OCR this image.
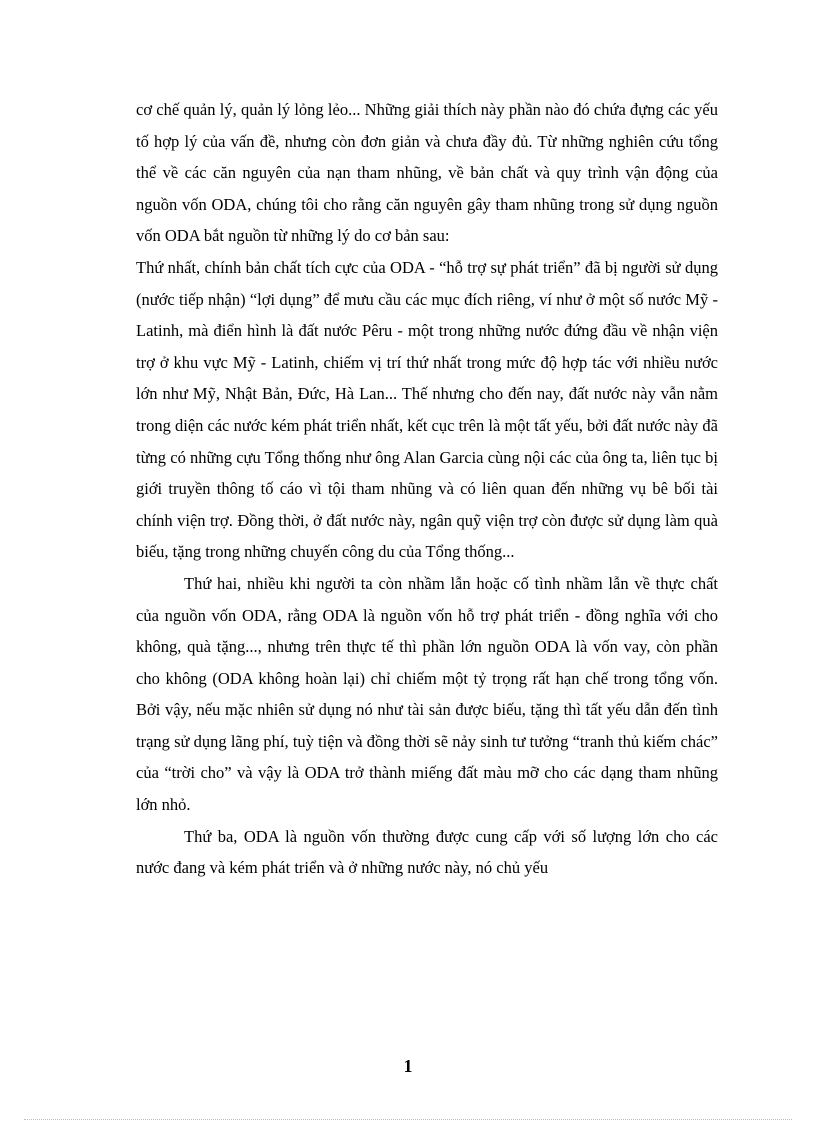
cơ chế quản lý, quản lý lỏng lẻo... Những giải thích này phần nào đó chứa đựng các yếu tố hợp lý của vấn đề, nhưng còn đơn giản và chưa đầy đủ. Từ những nghiên cứu tổng thể về các căn nguyên của nạn tham nhũng, về bản chất và quy trình vận động của nguồn vốn ODA, chúng tôi cho rằng căn nguyên gây tham nhũng trong sử dụng nguồn vốn ODA bắt nguồn từ những lý do cơ bản sau:

Thứ nhất, chính bản chất tích cực của ODA - “hỗ trợ sự phát triển” đã bị người sử dụng (nước tiếp nhận) “lợi dụng” để mưu cầu các mục đích riêng, ví như ở một số nước Mỹ - Latinh, mà điển hình là đất nước Pêru - một trong những nước đứng đầu về nhận viện trợ ở khu vực Mỹ - Latinh, chiếm vị trí thứ nhất trong mức độ hợp tác với nhiều nước lớn như Mỹ, Nhật Bản, Đức, Hà Lan... Thế nhưng cho đến nay, đất nước này vẫn nằm trong diện các nước kém phát triển nhất, kết cục trên là một tất yếu, bởi đất nước này đã từng có những cựu Tổng thống như ông Alan Garcia cùng nội các của ông ta, liên tục bị giới truyền thông tố cáo vì tội tham nhũng và có liên quan đến những vụ bê bối tài chính viện trợ. Đồng thời, ở đất nước này, ngân quỹ viện trợ còn được sử dụng làm quà biếu, tặng trong những chuyến công du của Tổng thống...

Thứ hai, nhiều khi người ta còn nhầm lẫn hoặc cố tình nhầm lẫn về thực chất của nguồn vốn ODA, rằng ODA là nguồn vốn hỗ trợ phát triển - đồng nghĩa với cho không, quà tặng..., nhưng trên thực tế thì phần lớn nguồn ODA là vốn vay, còn phần cho không (ODA không hoàn lại) chỉ chiếm một tỷ trọng rất hạn chế trong tổng vốn. Bởi vậy, nếu mặc nhiên sử dụng nó như tài sản được biếu, tặng thì tất yếu dẫn đến tình trạng sử dụng lãng phí, tuỳ tiện và đồng thời sẽ nảy sinh tư tưởng “tranh thủ kiếm chác” của “trời cho” và vậy là ODA trở thành miếng đất màu mỡ cho các dạng tham nhũng lớn nhỏ.

Thứ ba, ODA là nguồn vốn thường được cung cấp với số lượng lớn cho các nước đang và kém phát triển và ở những nước này, nó chủ yếu

1
